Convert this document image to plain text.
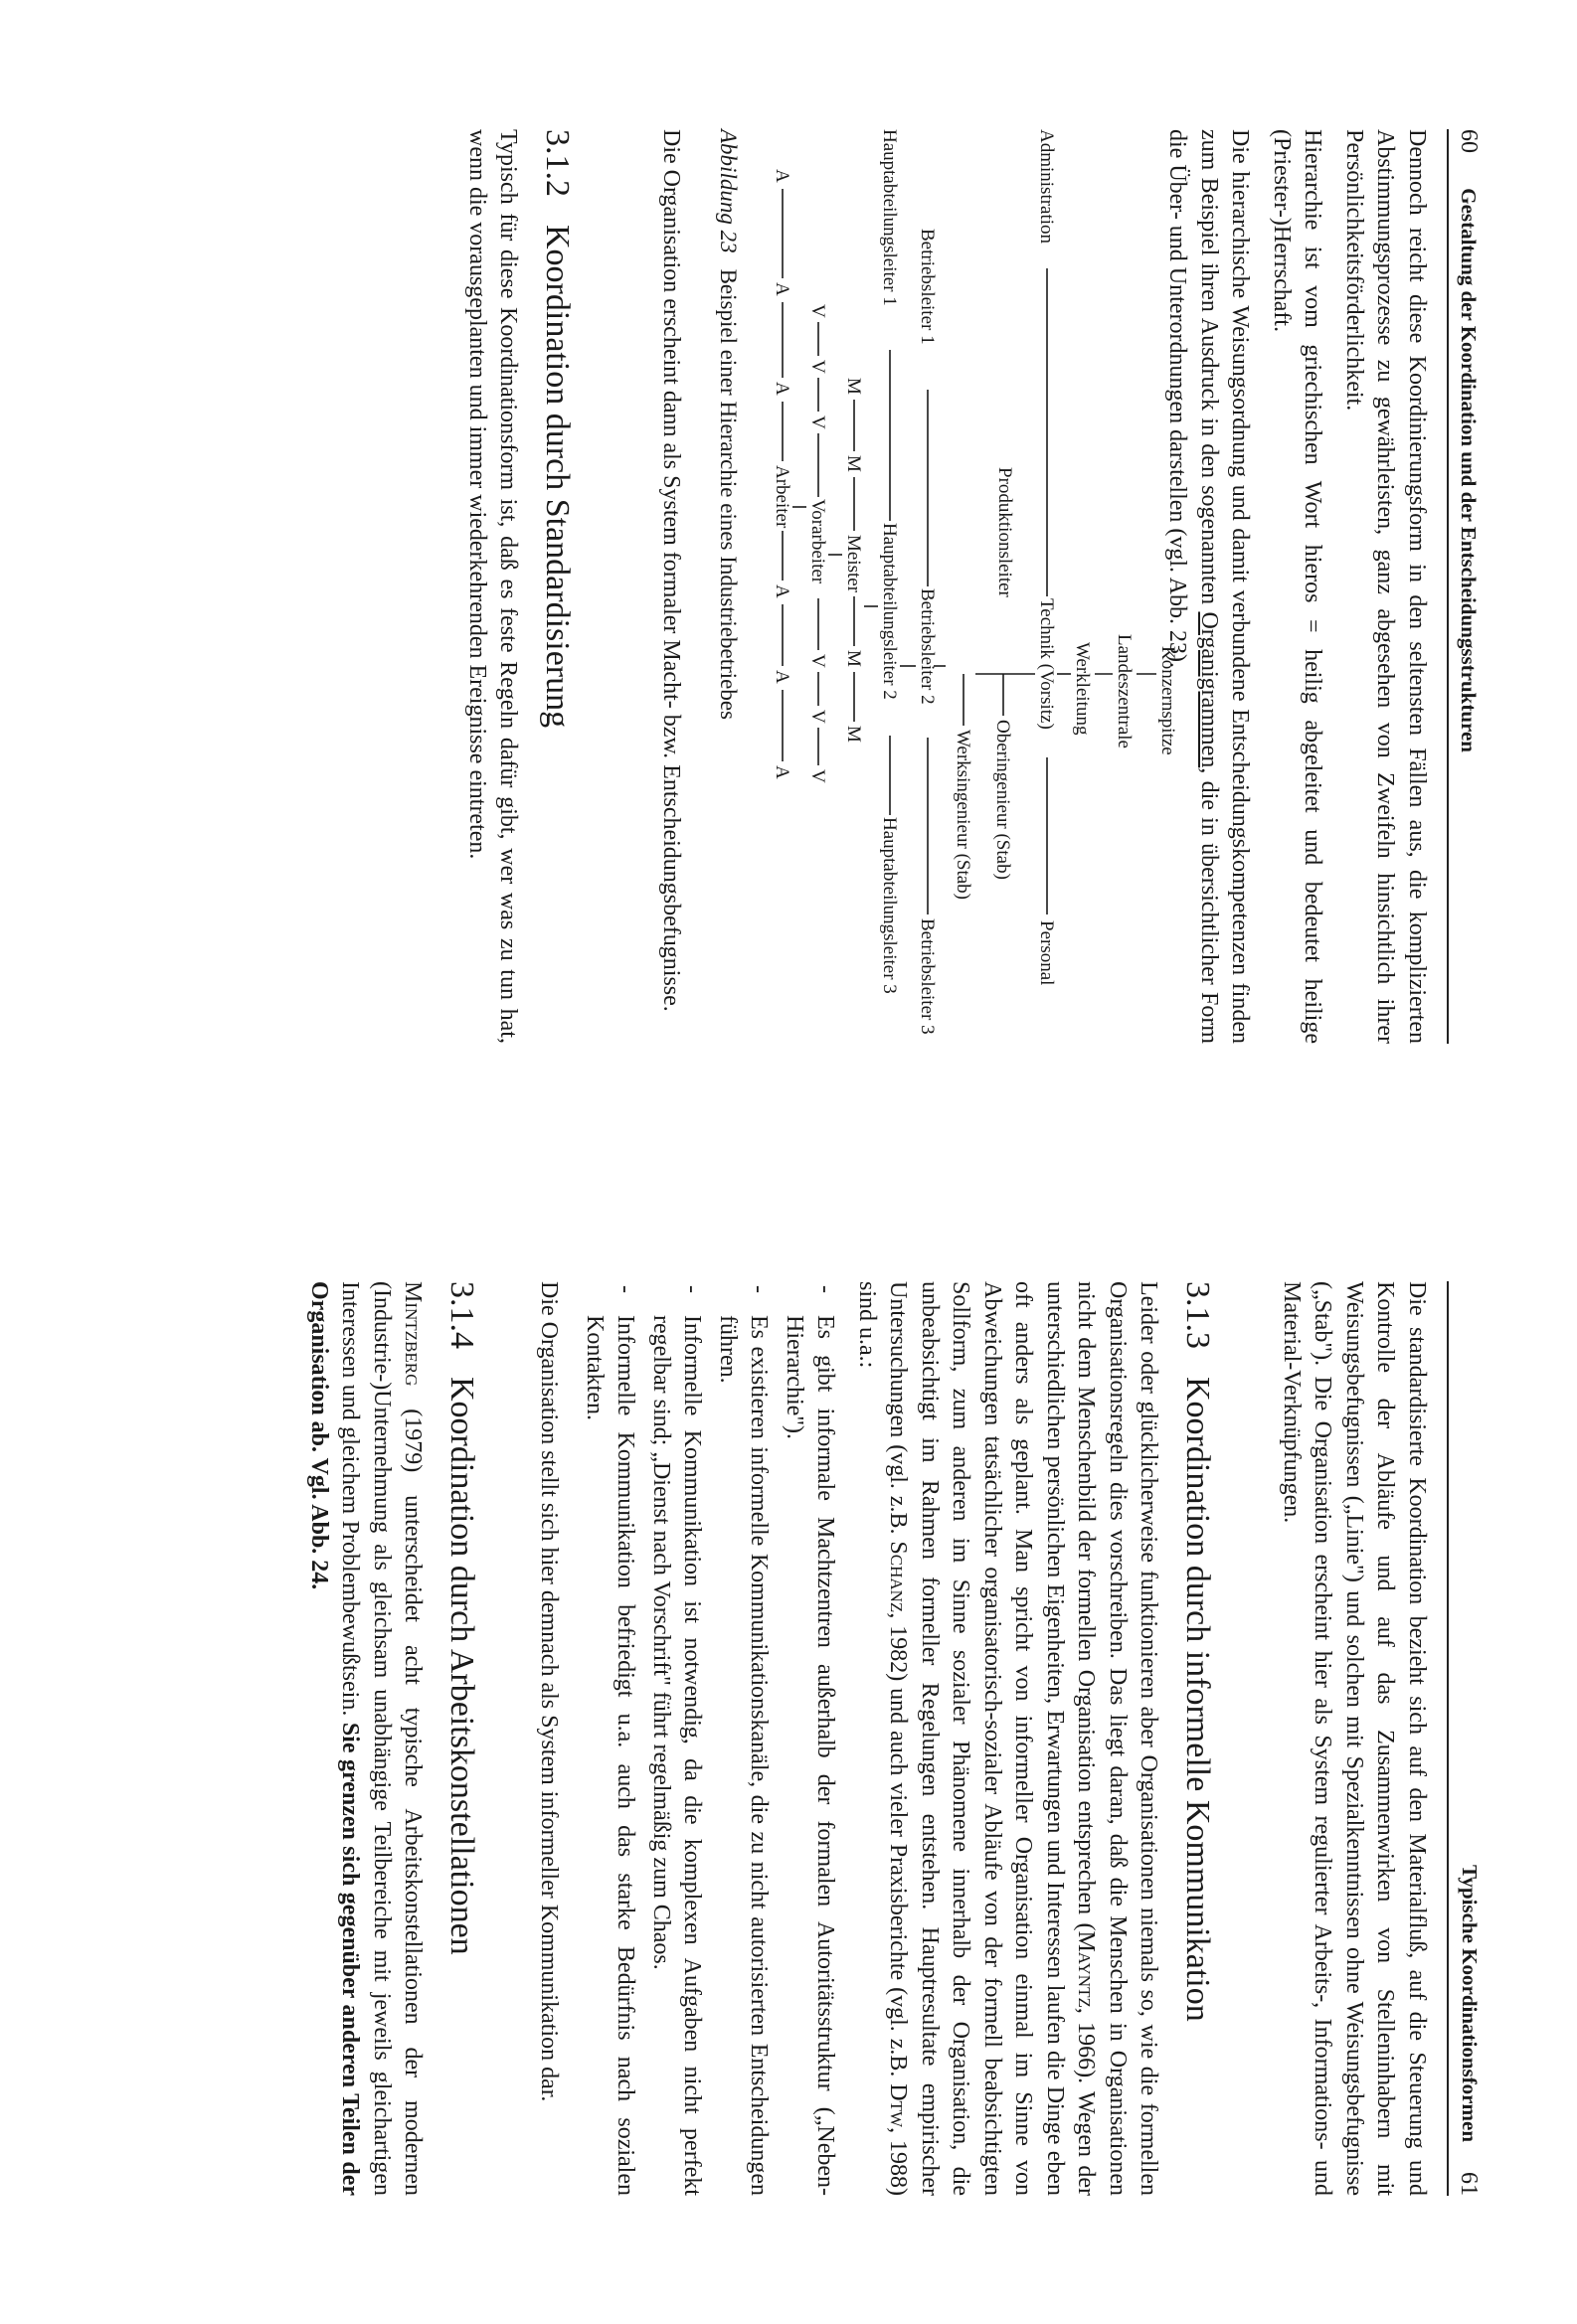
60 Gestaltung der Koordination und der Entscheidungsstrukturen

Dennoch reicht diese Koordinierungsform in den seltensten Fällen aus, die komplizierten Abstimmungsprozesse zu gewährleisten, ganz abgesehen von Zweifeln hinsichtlich ihrer Persönlichkeitsförderlichkeit.

Hierarchie ist vom griechischen Wort hieros = heilig abgeleitet und bedeutet heilige (Priester-)Herrschaft.

Die hierarchische Weisungsordnung und damit verbundene Entscheidungskompetenzen finden zum Beispiel ihren Ausdruck in den sogenannten Organigrammen, die in übersichtlicher Form die Über- und Unterordnungen darstellen (vgl. Abb. 23).

Konzernspitze
Landeszentrale
Werkleitung
Administration
Technik (Vorsitz)
Personal
Produktionsleiter
Oberingenieur (Stab)
Werksingenieur (Stab)
Betriebsleiter 1
Betriebsleiter 2
Betriebsleiter 3
Hauptabteilungsleiter 1
Hauptabteilungsleiter 2
Hauptabteilungsleiter 3
M
M
Meister
M
M
V
V
V
Vorarbeiter
V
V
V
A
A
A
Arbeiter
A
A
A
Abbildung 23Beispiel einer Hierarchie eines Industriebetriebes

Die Organisation erscheint dann als System formaler Macht- bzw. Entscheidungsbefugnisse.

3.1.2Koordination durch Standardisierung

Typisch für diese Koordinationsform ist, daß es feste Regeln dafür gibt, wer was zu tun hat, wenn die vorausgeplanten und immer wiederkehrenden Ereignisse eintreten.

61
Typische Koordinationsformen

Die standardisierte Koordination bezieht sich auf den Materialfluß, auf die Steuerung und Kontrolle der Abläufe und auf das Zusammenwirken von Stelleninhabern mit Weisungsbefugnissen („Linie") und solchen mit Spezialkenntnissen ohne Weisungsbefugnisse („Stab"). Die Organisation erscheint hier als System regulierter Arbeits-, Informations- und Material-Verknüpfungen.

3.1.3Koordination durch informelle Kommunikation

Leider oder glücklicherweise funktionieren aber Organisationen niemals so, wie die formellen Organisationsregeln dies vorschreiben. Das liegt daran, daß die Menschen in Organisationen nicht dem Menschenbild der formellen Organisation entsprechen (Mayntz, 1966). Wegen der unterschiedlichen persönlichen Eigenheiten, Erwartungen und Interessen laufen die Dinge eben oft anders als geplant. Man spricht von informeller Organisation einmal im Sinne von Abweichungen tatsächlicher organisatorisch-sozialer Abläufe von der formell beabsichtigten Sollform, zum anderen im Sinne sozialer Phänomene innerhalb der Organisation, die unbeabsichtigt im Rahmen formeller Regelungen entstehen. Hauptresultate empirischer Untersuchungen (vgl. z.B. Schanz, 1982) und auch vieler Praxisberichte (vgl. z.B. Dtw, 1988) sind u.a.:

- Es gibt informale Machtzentren außerhalb der formalen Autoritätsstruktur („Neben-Hierarchie").
- Es existieren informelle Kommunikationskanäle, die zu nicht autorisierten Entscheidungen führen.
- Informelle Kommunikation ist notwendig, da die komplexen Aufgaben nicht perfekt regelbar sind; „Dienst nach Vorschrift" führt regelmäßig zum Chaos.
- Informelle Kommunikation befriedigt u.a. auch das starke Bedürfnis nach sozialen Kontakten.

Die Organisation stellt sich hier demnach als System informeller Kommunikation dar.

3.1.4Koordination durch Arbeitskonstellationen

Mintzberg (1979) unterscheidet acht typische Arbeitskonstellationen der modernen (Industrie-)Unternehmung als gleichsam unabhängige Teilbereiche mit jeweils gleichartigen Interessen und gleichem Problembewußtsein. Sie grenzen sich gegenüber anderen Teilen der Organisation ab. Vgl. Abb. 24.
